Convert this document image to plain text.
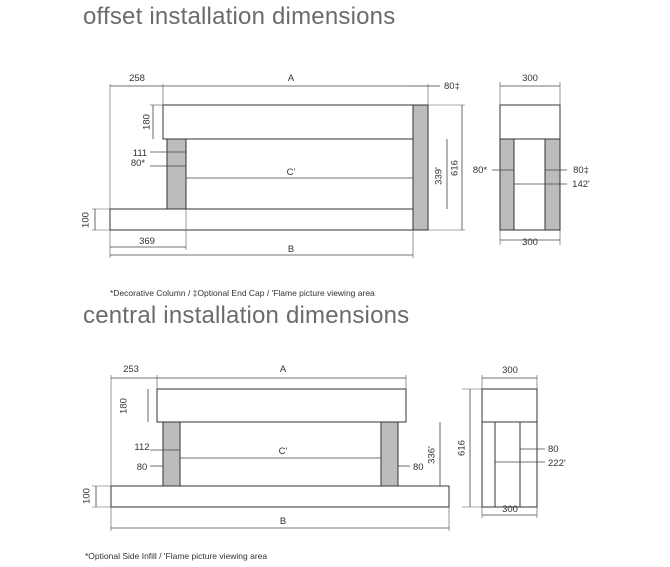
offset installation dimensions
central installation dimensions
*Decorative Column / ‡Optional End Cap / 'Flame picture viewing area
*Optional Side Infill / 'Flame picture viewing area
258	A
80‡
180
111
80*
C'	339' 616
100
369
B
300
80*	80‡
142'
300
253	A
180
112
80
C'
80
336'
100
B
616
300
80
222'
300
